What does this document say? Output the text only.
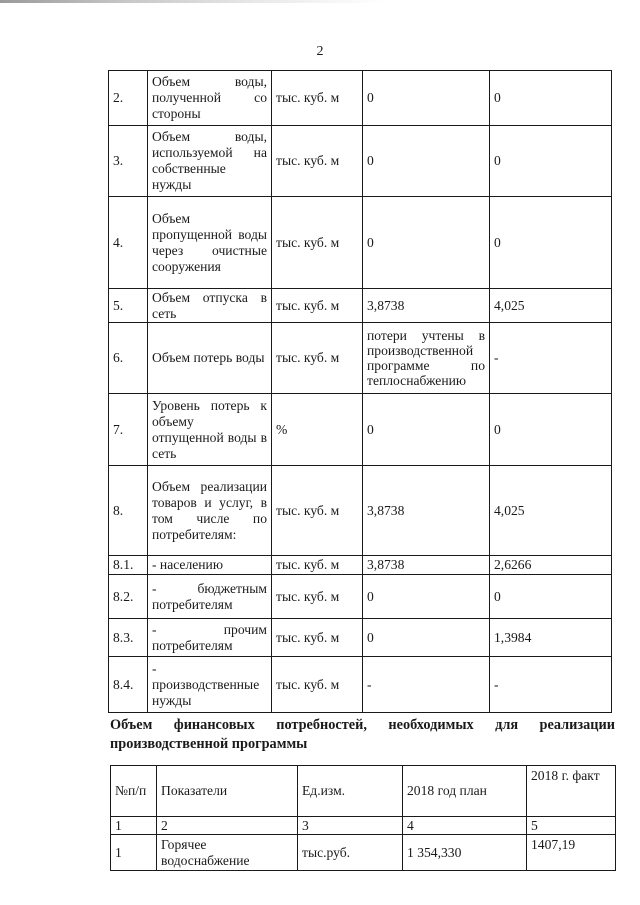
2
2.	Объем воды, полученной со стороны	тыс. куб. м	0	0
3.	Объем воды, используемой на собственные нужды	тыс. куб. м	0	0
4.	Объем пропущенной воды через очистные сооружения	тыс. куб. м	0	0
5.	Объем отпуска в сеть	тыс. куб. м	3,8738	4,025
6.	Объем потерь воды	тыс. куб. м	потери учтены в производственной программе по теплоснабжению	-
7.	Уровень потерь к объему отпущенной воды в сеть	%	0	0
8.	Объем реализации товаров и услуг, в том числе по потребителям:	тыс. куб. м	3,8738	4,025
8.1.	- населению	тыс. куб. м	3,8738	2,6266
8.2.	- бюджетным потребителям	тыс. куб. м	0	0
8.3.	- прочим потребителям	тыс. куб. м	0	1,3984
8.4.	- производственные нужды	тыс. куб. м	-	-
Объем финансовых потребностей, необходимых для реализации
производственной программы
№п/п	Показатели	Ед.изм.	2018 год план	2018 г. факт
1	2	3	4	5
1	Горячее водоснабжение	тыс.руб.	1 354,330	1407,19
